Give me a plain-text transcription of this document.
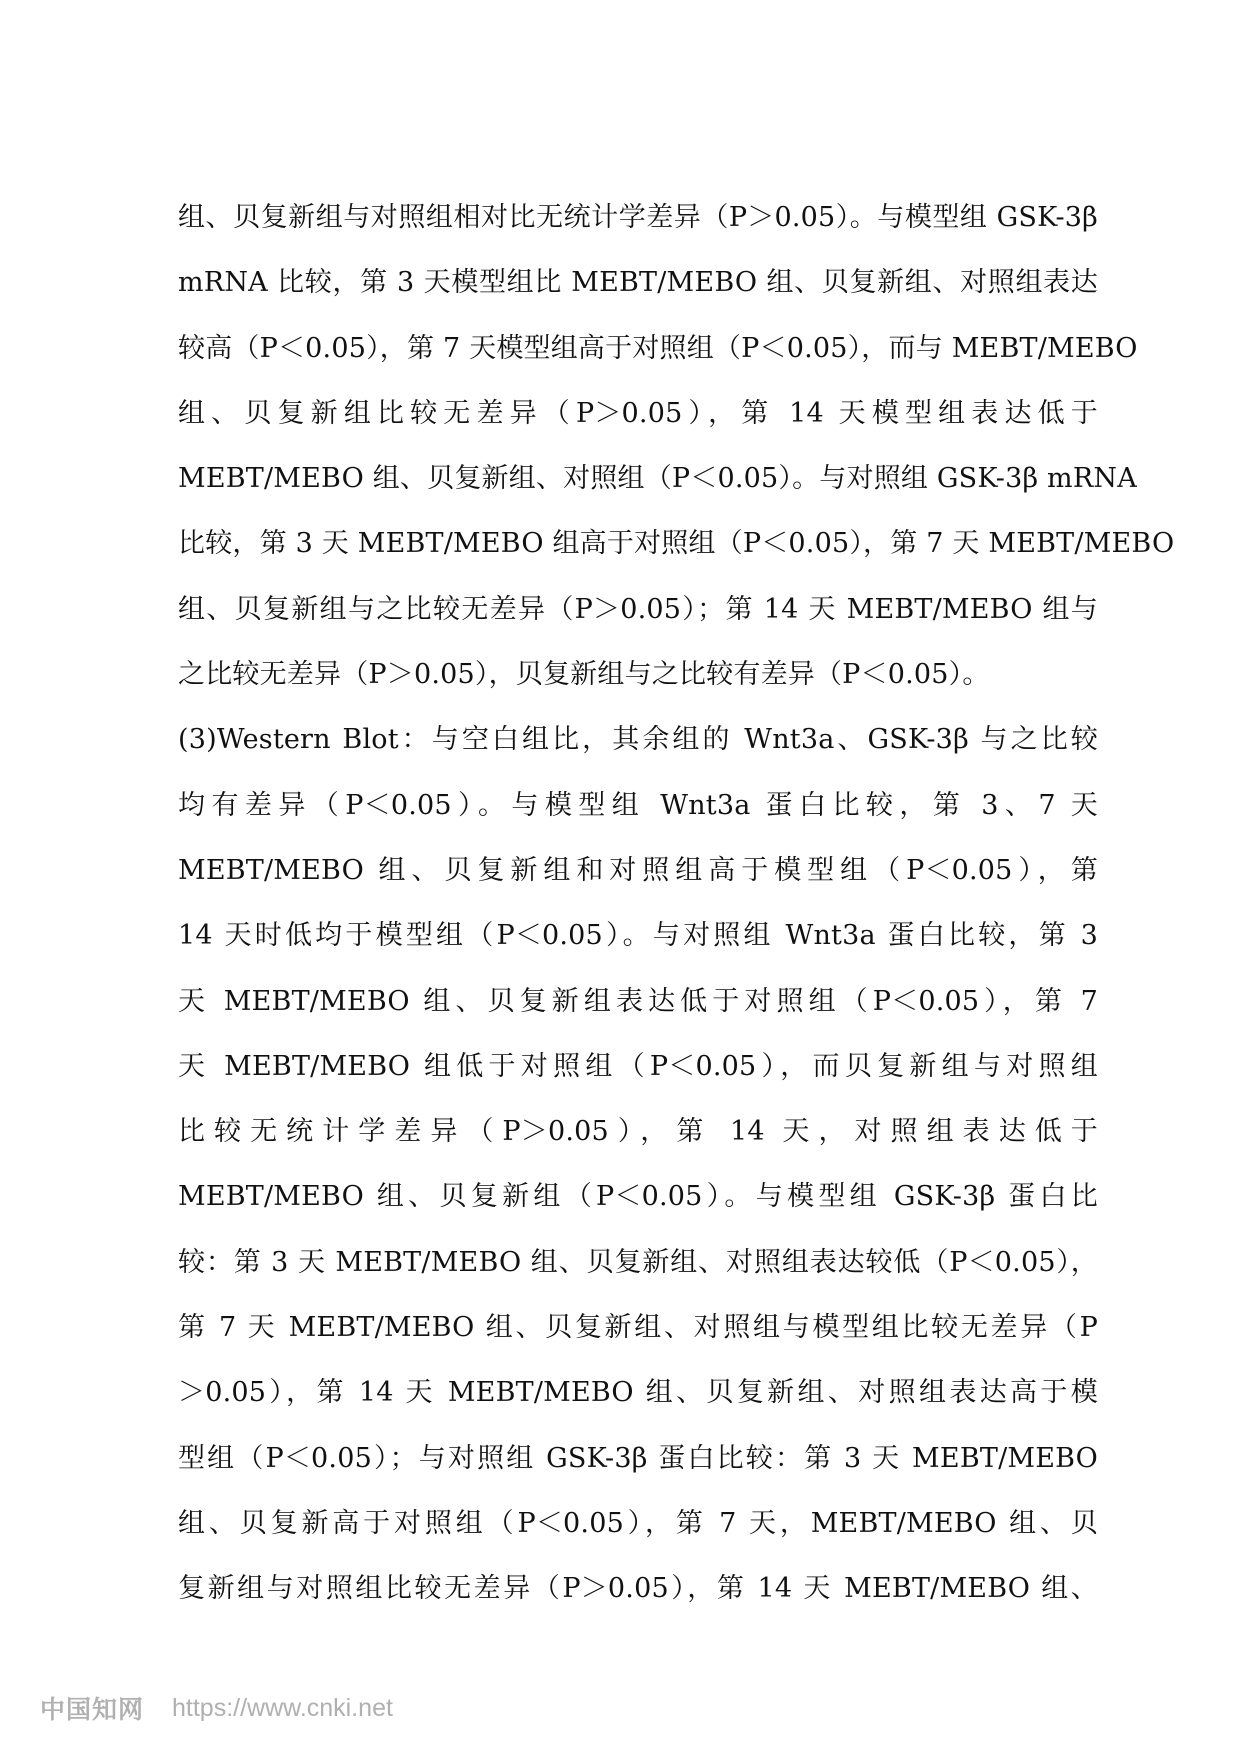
组、贝复新组与对照组相对比无统计学差异（P＞0.05）。与模型组 GSK-3β
mRNA 比较，第 3 天模型组比 MEBT/MEBO 组、贝复新组、对照组表达
较高（P＜0.05），第 7 天模型组高于对照组（P＜0.05），而与 MEBT/MEBO
组、贝复新组比较无差异（P＞0.05），第 14 天模型组表达低于
MEBT/MEBO 组、贝复新组、对照组（P＜0.05）。与对照组 GSK-3β mRNA
比较，第 3 天 MEBT/MEBO 组高于对照组（P＜0.05），第 7 天 MEBT/MEBO
组、贝复新组与之比较无差异（P＞0.05）；第 14 天 MEBT/MEBO 组与
之比较无差异（P＞0.05），贝复新组与之比较有差异（P＜0.05）。
(3)Western Blot：与空白组比，其余组的 Wnt3a、GSK-3β 与之比较
均有差异（P＜0.05）。与模型组 Wnt3a 蛋白比较，第 3、7 天
MEBT/MEBO 组、贝复新组和对照组高于模型组（P＜0.05），第
14 天时低均于模型组（P＜0.05）。与对照组 Wnt3a 蛋白比较，第 3
天 MEBT/MEBO 组、贝复新组表达低于对照组（P＜0.05），第 7
天 MEBT/MEBO 组低于对照组（P＜0.05），而贝复新组与对照组
比较无统计学差异（P＞0.05），第 14 天，对照组表达低于
MEBT/MEBO 组、贝复新组（P＜0.05）。与模型组 GSK-3β 蛋白比
较：第 3 天 MEBT/MEBO 组、贝复新组、对照组表达较低（P＜0.05），
第 7 天 MEBT/MEBO 组、贝复新组、对照组与模型组比较无差异（P
＞0.05），第 14 天 MEBT/MEBO 组、贝复新组、对照组表达高于模
型组（P＜0.05）；与对照组 GSK-3β 蛋白比较：第 3 天 MEBT/MEBO
组、贝复新高于对照组（P＜0.05），第 7 天，MEBT/MEBO 组、贝
复新组与对照组比较无差异（P＞0.05），第 14 天 MEBT/MEBO 组、
中国知网 https://www.cnki.net
